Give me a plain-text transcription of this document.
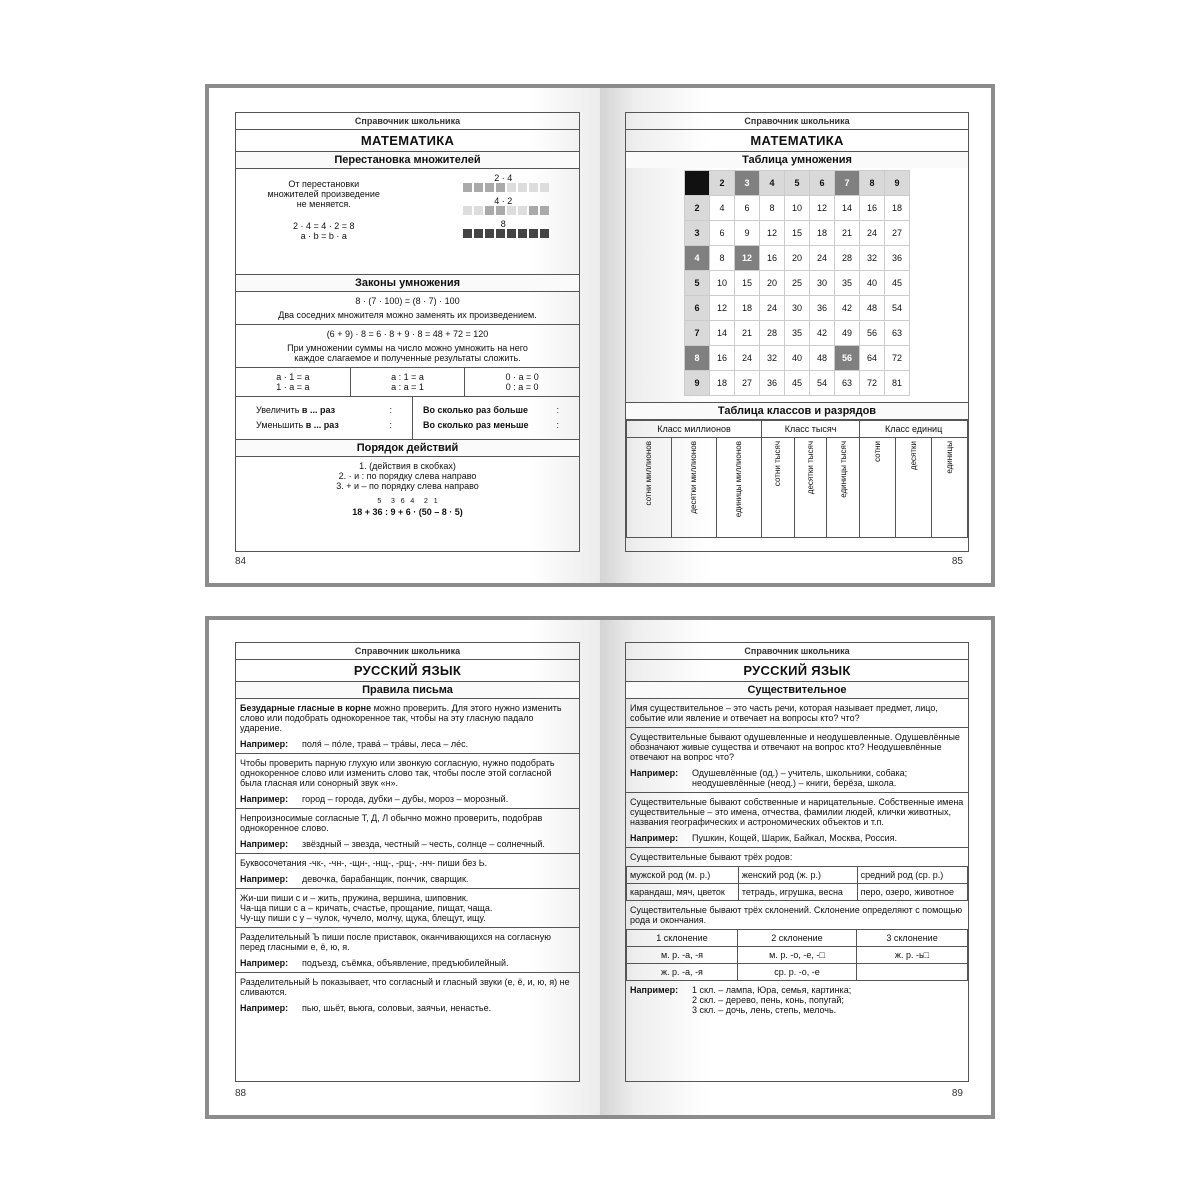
Справочник школьника
МАТЕМАТИКА
Перестановка множителей
От перестановки множителей произведение не меняется.
2 · 4 = 4 · 2 = 8
a · b = b · a
2 · 4
4 · 2
8
Законы умножения
8 · (7 · 100) = (8 · 7) · 100
Два соседних множителя можно заменять их произведением.
(6 + 9) · 8 = 6 · 8 + 9 · 8 = 48 + 72 = 120
При умножении суммы на число можно умножить на него каждое слагаемое и полученные результаты сложить.
a · 1 = a
1 · a = a
a : 1 = a
a : a = 1
0 · a = 0
0 : a = 0
Увеличить в ... раз	:
Уменьшить в ... раз	:
Во сколько раз больше	:
Во сколько раз меньше	:
Порядок действий
1. (действия в скобках)
2. · и : по порядку слева направо
3. + и – по порядку слева направо
5     3   6   4     2   1
18 + 36 : 9 + 6 · (50 – 8 · 5)
84
Справочник школьника
МАТЕМАТИКА
Таблица умножения
	2	3	4	5	6	7	8	9
2	4	6	8	10	12	14	16	18
3	6	9	12	15	18	21	24	27
4	8	12	16	20	24	28	32	36
5	10	15	20	25	30	35	40	45
6	12	18	24	30	36	42	48	54
7	14	21	28	35	42	49	56	63
8	16	24	32	40	48	56	64	72
9	18	27	36	45	54	63	72	81
Таблица классов и разрядов
Класс миллионов			Класс тысяч			Класс единиц		

сотни миллионов	десятки миллионов	единицы миллионов	сотни тысяч	десятки тысяч	единицы тысяч	сотни	десятки	единицы
85
Справочник школьника
РУССКИЙ ЯЗЫК
Правила письма
Безударные гласные в корне можно проверить. Для этого нужно изменить слово или подобрать однокоренное так, чтобы на эту гласную падало ударение.
Например:	поля́ – по́ле, трава́ – тра́вы, леса – ле́с.
Чтобы проверить парную глухую или звонкую согласную, нужно подобрать однокоренное слово или изменить слово так, чтобы после этой согласной была гласная или сонорный звук «н».
Например:	горо‍д – города, дубки – дубы, мороз – морозный.
Непроизносимые согласные Т, Д, Л обычно можно проверить, подобрав однокоренное слово.
Например:	звёздный – звезда, честный – честь, солнце – солнечный.
Буквосочетания -чк-, -чн-, -щн-, -нщ-, -рщ-, -нч- пиши без Ь.
Например:	девочка, барабанщик, пончик, сварщик.
Жи-ши пиши с и – жить, пружина, вершина, шиповник.
Ча-ща пиши с а – кричать, счастье, прощание, пищат, чаща.
Чу-щу пиши с у – чулок, чучело, молчу, щука, блещут, ищу.
Разделительный Ъ пиши после приставок, оканчивающихся на согласную перед гласными е, ё, ю, я.
Например:	подъезд, съёмка, объявление, предъюбилейный.
Разделительный Ь показывает, что согласный и гласный звуки (е, ё, и, ю, я) не сливаются.
Например:	пью, шьёт, вьюга, соловьи, заячьи, ненастье.
88
Справочник школьника
РУССКИЙ ЯЗЫК
Существительное
Имя существительное – это часть речи, которая называет предмет, лицо, событие или явление и отвечает на вопросы кто? что?
Существительные бывают одушевленные и неодушевленные. Одушевлённые обозначают живые существа и отвечают на вопрос кто? Неодушевлённые отвечают на вопрос что?
Например:	Одушевлённые (од.) – учитель, школьники, собака; неодушевлённые (неод.) – книги, берёза, школа.
Существительные бывают собственные и нарицательные. Собственные имена существительные – это имена, отчества, фамилии людей, клички животных, названия географических и астрономических объектов и т.п.
Например:	Пушкин, Кощей, Шарик, Байкал, Москва, Россия.
Существительные бывают трёх родов:
мужской род (м. р.)	женский род (ж. р.)	средний род (ср. р.)
карандаш, мяч, цветок	тетрадь, игрушка, весна	перо, озеро, животное
Существительные бывают трёх склонений. Склонение определяют с помощью рода и окончания.
1 склонение	2 склонение	3 склонение
м. р. -а, -я	м. р. -о, -е, -□	ж. р. -ь□
ж. р. -а, -я	ср. р. -о, -е	
Например:	1 скл. – лампа, Юра, семья, картинка;
2 скл. – дерево, пень, конь, попугай;
3 скл. – дочь, лень, степь, мелочь.
89
